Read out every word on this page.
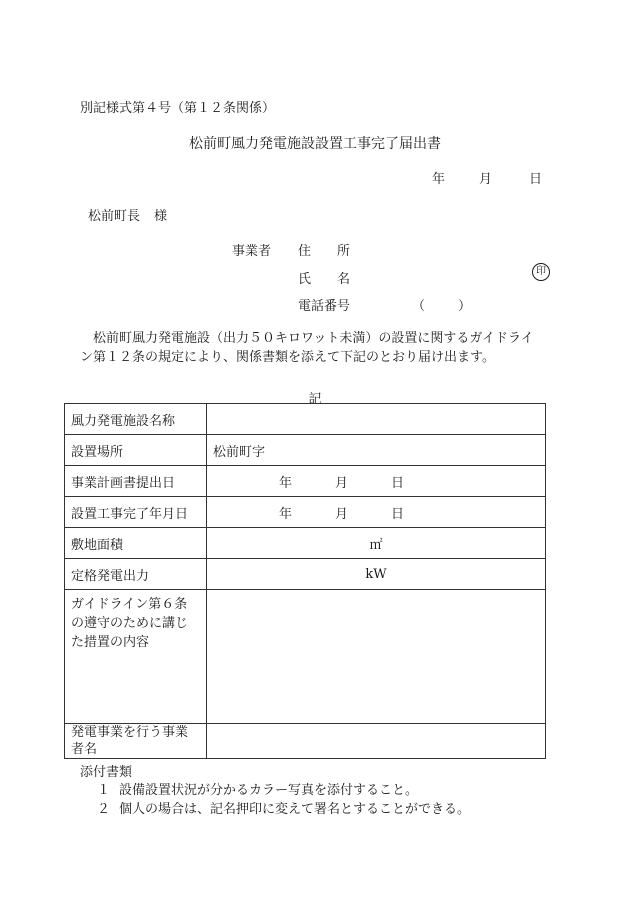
別記様式第４号（第１２条関係）
松前町風力発電施設設置工事完了届出書
年	月	日
松前町長 様
事業者 住　　所
氏　　名
印
電話番号	（	）

　松前町風力発電施設（出力５０キロワット未満）の設置に関するガイドライ

ン第１２条の規定により、関係書類を添えて下記のとおり届け出ます。

記
風力発電施設名称	
設置場所	松前町字
事業計画書提出日	年 月 日

設置工事完了年月日	年 月 日

敷地面積	㎡
定格発電出力	kW
ガイドライン第６条の遵守のために講じた措置の内容	
発電事業を行う事業者名	
添付書類
１ 設備設置状況が分かるカラー写真を添付すること。
２ 個人の場合は、記名押印に変えて署名とすることができる。
